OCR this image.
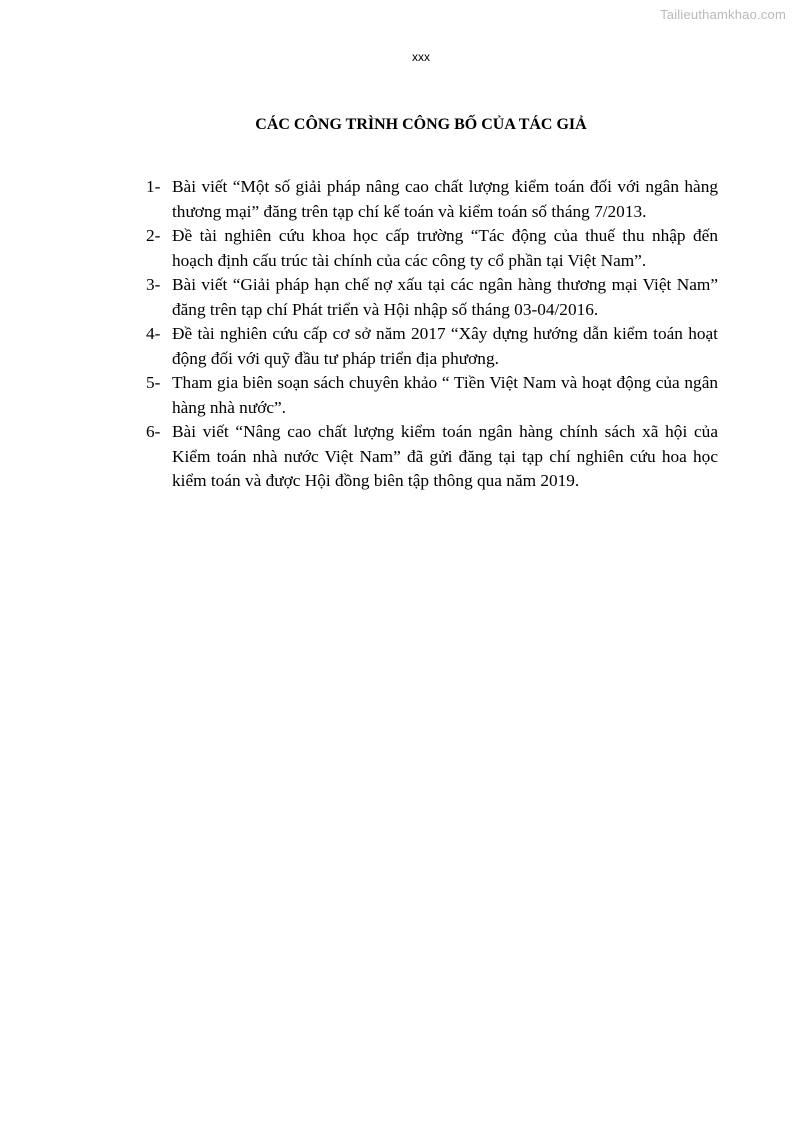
Tailieuthamkhao.com
xxx
CÁC CÔNG TRÌNH CÔNG BỐ CỦA TÁC GIẢ
1- Bài viết “Một số giải pháp nâng cao chất lượng kiểm toán đối với ngân hàng thương mại” đăng trên tạp chí kế toán và kiểm toán số tháng 7/2013.
2- Đề tài nghiên cứu khoa học cấp trường “Tác động của thuế thu nhập đến hoạch định cấu trúc tài chính của các công ty cổ phần tại Việt Nam”.
3- Bài viết “Giải pháp hạn chế nợ xấu tại các ngân hàng thương mại Việt Nam” đăng trên tạp chí Phát triển và Hội nhập số tháng 03-04/2016.
4- Đề tài nghiên cứu cấp cơ sở năm 2017 “Xây dựng hướng dẫn kiểm toán hoạt động đối với quỹ đầu tư pháp triển địa phương.
5- Tham gia biên soạn sách chuyên khảo “ Tiền Việt Nam và hoạt động của ngân hàng nhà nước”.
6- Bài viết “Nâng cao chất lượng kiểm toán ngân hàng chính sách xã hội của Kiểm toán nhà nước Việt Nam” đã gửi đăng tại tạp chí nghiên cứu hoa học kiểm toán và được Hội đồng biên tập thông qua năm 2019.
